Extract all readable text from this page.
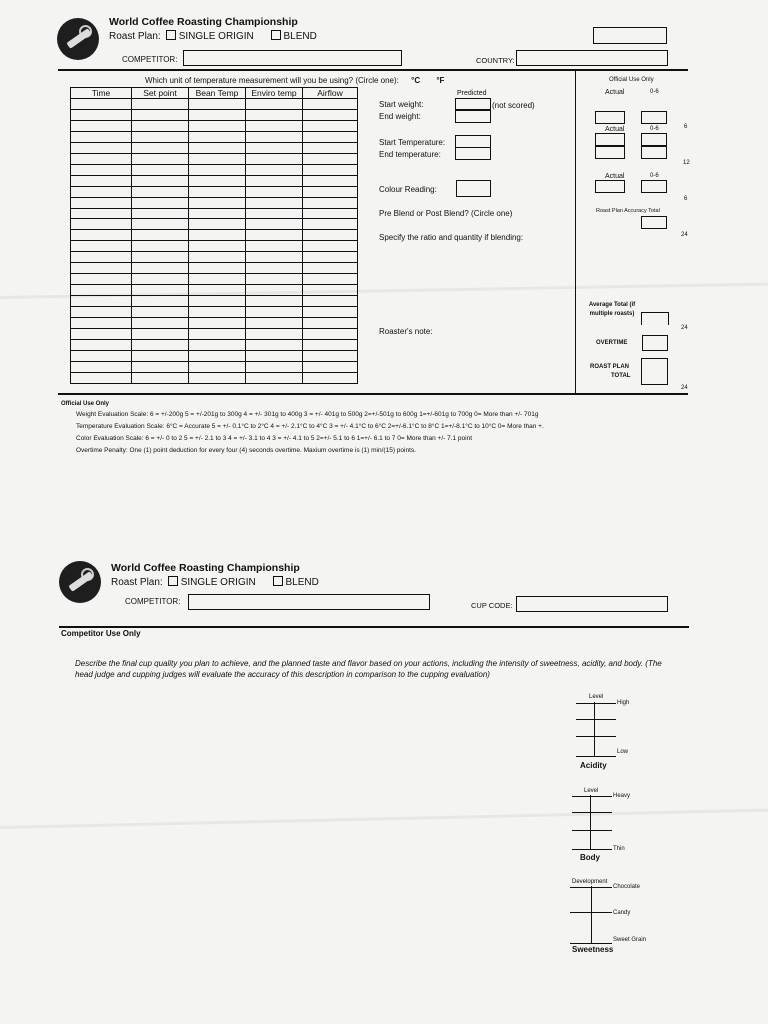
World Coffee Roasting Championship
Roast Plan: SINGLE ORIGIN	BLEND
COMPETITOR:	COUNTRY:
Which unit of temperature measurement will you be using? (Circle one): °C °F
Time	Set point	Bean Temp	Enviro temp	Airflow

					Predicted
Start weight:
End weight:
(not scored)
Start Temperature:
End temperature:
Colour Reading:
Pre Blend or Post Blend? (Circle one)
Specify the ratio and quantity if blending:
Roaster's note:
Official Use Only
Actual	0-6
Actual	0-6	6
12
Actual	0-6
6
Roast Plan Accuracy Total
24
Average Total (if multiple roasts)
24
OVERTIME
ROAST PLAN
TOTAL
24
Official Use Only
Weight Evaluation Scale: 6 = +/-200g 5 = +/-201g to 300g 4 = +/- 301g to 400g 3 = +/- 401g to 500g 2=+/-501g to 600g 1=+/-601g to 700g 0= More than +/- 701g
Temperature Evaluation Scale: 6°C = Accurate 5 = +/- 0.1°C to 2°C 4 = +/- 2.1°C to 4°C 3 = +/- 4.1°C to 6°C 2=+/-6.1°C to 8°C 1=+/-8.1°C to 10°C 0= More than +.
Color Evaluation Scale: 6 = +/- 0 to 2 5 = +/- 2.1 to 3 4 = +/- 3.1 to 4 3 = +/- 4.1 to 5 2=+/- 5.1 to 6 1=+/- 6.1 to 7 0= More than +/- 7.1 point
Overtime Penalty: One (1) point deduction for every four (4) seconds overtime. Maxium overtime is (1) min/(15) points.
World Coffee Roasting Championship
Roast Plan: SINGLE ORIGIN	BLEND
COMPETITOR:	CUP CODE:
Competitor Use Only
Describe the final cup quality you plan to achieve, and the planned taste and flavor based on your actions, including the intensity of sweetness, acidity, and body. (The head judge and cupping judges will evaluate the accuracy of this description in comparison to the cupping evaluation)
Level
High
Low
Acidity
Level
Heavy
Thin
Body
Development
Chocolate
Candy
Sweet Grain
Sweetness
